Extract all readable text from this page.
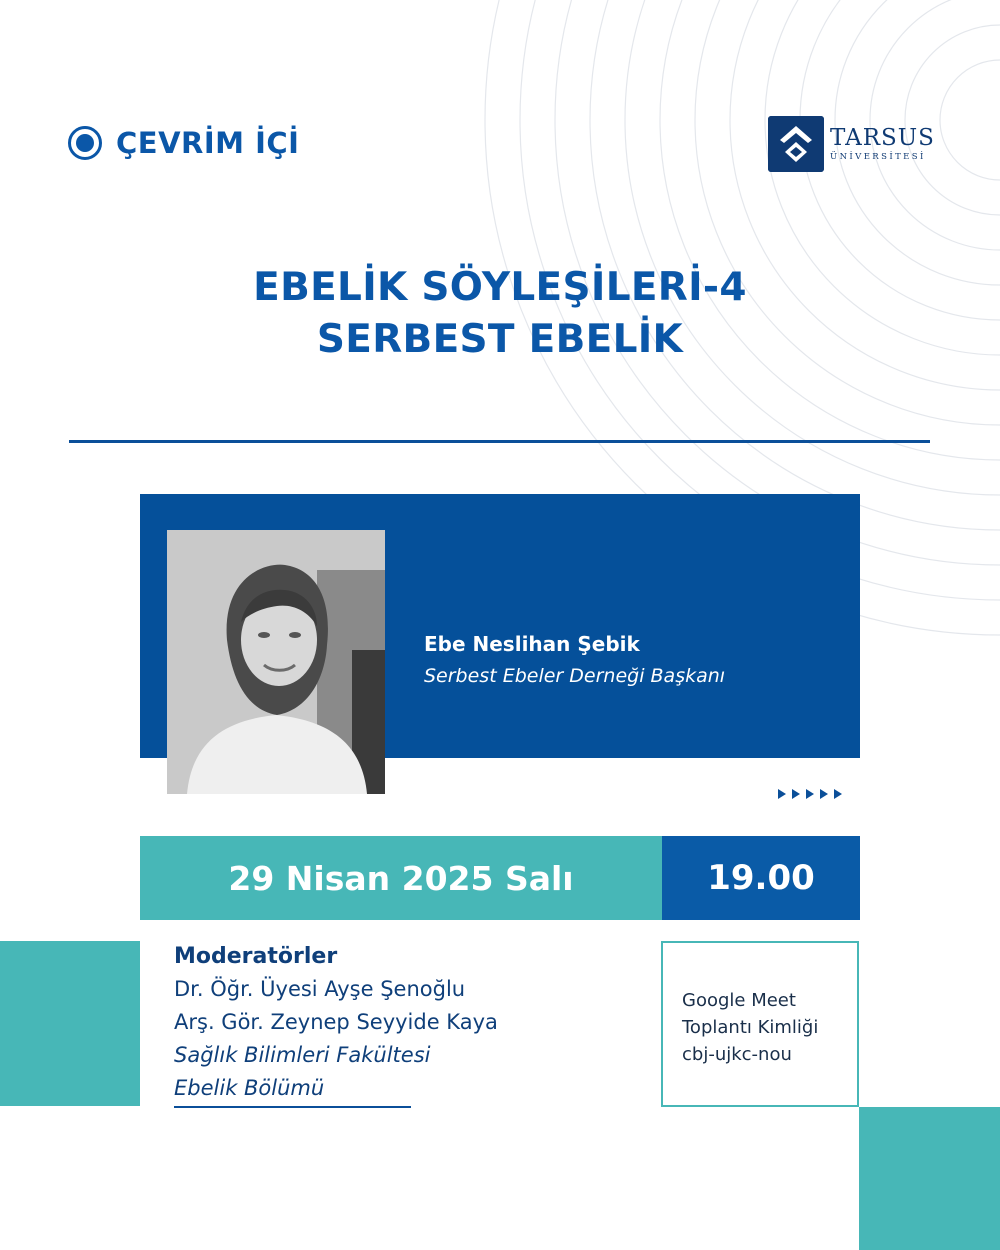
ÇEVRİM İÇİ	TARSUS
ÜNİVERSİTESİ
EBELİK SÖYLEŞİLERİ-4
SERBEST EBELİK
Ebe Neslihan Şebik
Serbest Ebeler Derneği Başkanı
29 Nisan 2025 Salı	19.00
Moderatörler
Dr. Öğr. Üyesi Ayşe Şenoğlu
Arş. Gör. Zeynep Seyyide Kaya
Sağlık Bilimleri Fakültesi
Ebelik Bölümü
Google Meet
Toplantı Kimliği
cbj-ujkc-nou
